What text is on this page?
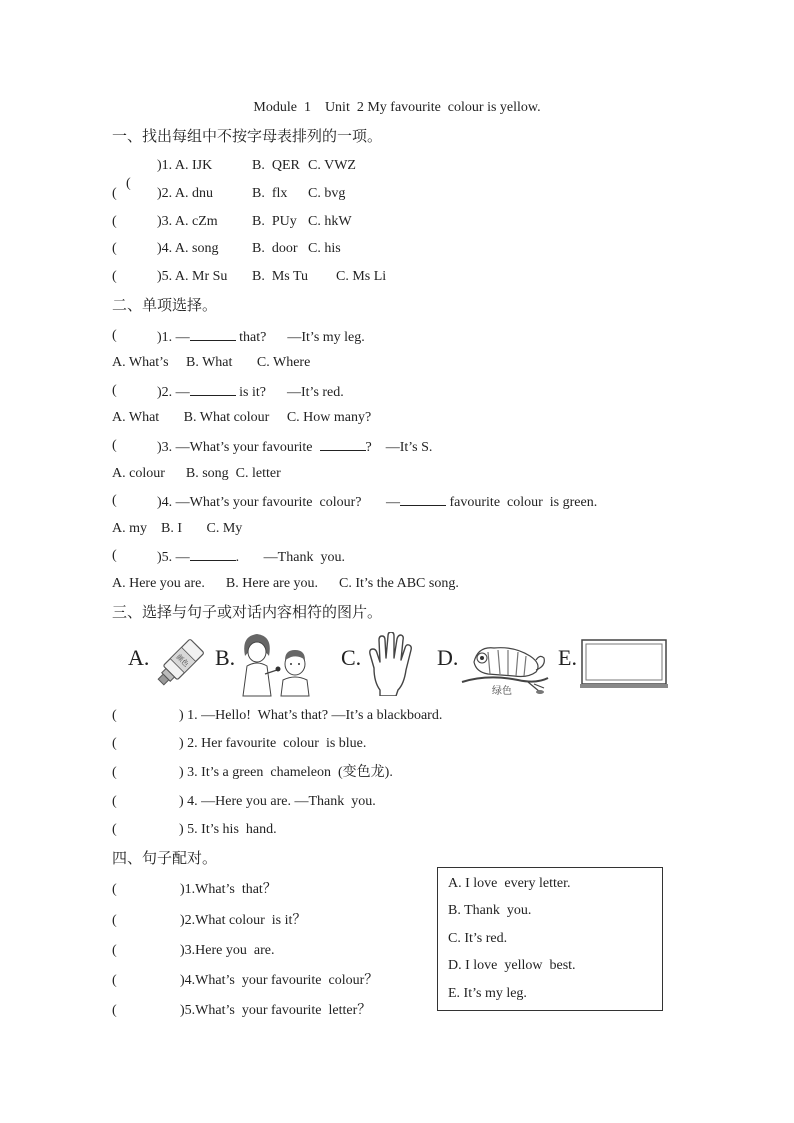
Module  1    Unit  2 My favourite  colour is yellow.
一、找出每组中不按字母表排列的一项。

(

)1. A. IJK	B.  QER C. VWZ
(	)2. A. dnu	B.  flx C. bvg
(	)3. A. cZm B.  PUy C. hkW
(	)4. A. song B.  door C. his
(	)5. A. Mr Su B.  Ms Tu C. Ms Li
二、单项选择。
(	)1. —	that?      —It’s my leg.
A. What’s     B. What       C. Where
(	)2. —	is it?      —It’s red.
A. What       B. What colour     C. How many?
(	)3. —What’s your favourite	?    —It’s S.
A. colour      B. song  C. letter
(	)4. —What’s your favourite  colour?       —	favourite  colour  is green.
A. my    B. I       C. My
(	)5. —	.       —Thank  you.
A. Here you are.      B. Here are you.      C. It’s the ABC song.
三、选择与句子或对话内容相符的图片。
A.	颜色 B.	C.	D.
绿色
E.
(	) 1. —Hello!  What’s that? —It’s a blackboard.
(	) 2. Her favourite  colour  is blue.
(	) 3. It’s a green  chameleon  (变色龙).
(	) 4. —Here you are. —Thank  you.
(	) 5. It’s his  hand.
四、句子配对。
(	)1.What’s  that？
(	)2.What colour  is it？
(	)3.Here you  are.
(	)4.What’s  your favourite  colour？
(	)5.What’s  your favourite  letter？
A. I love  every letter.
B. Thank  you.
C. It’s red.
D. I love  yellow  best.
E. It’s my leg.
